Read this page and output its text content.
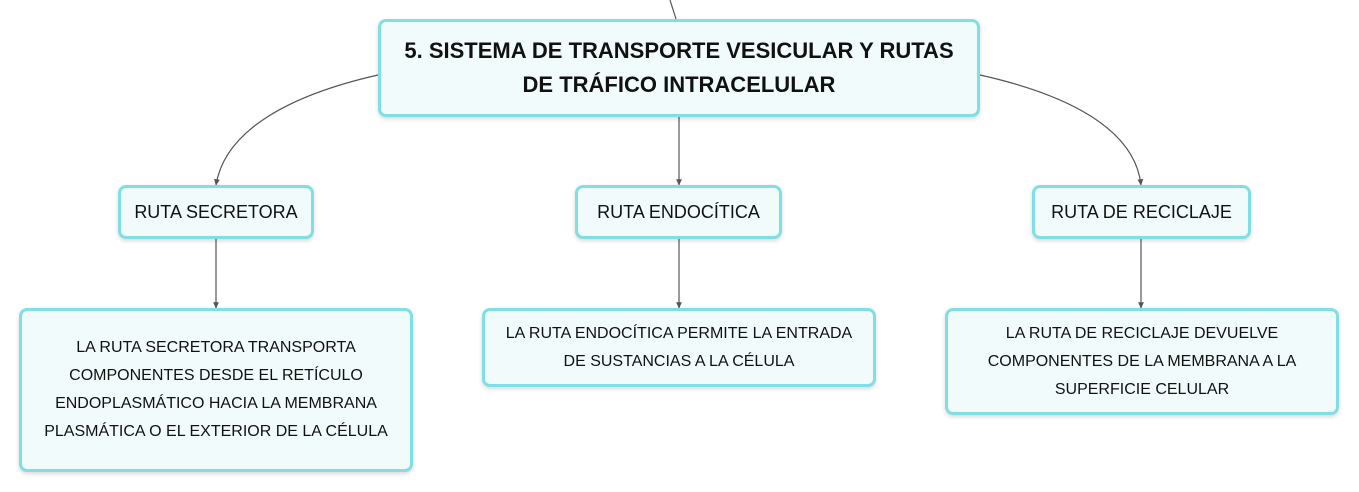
5. SISTEMA DE TRANSPORTE VESICULAR Y RUTAS
DE TRÁFICO INTRACELULAR
RUTA SECRETORA	RUTA ENDOCÍTICA	RUTA DE RECICLAJE
LA RUTA SECRETORA TRANSPORTA
COMPONENTES DESDE EL RETÍCULO
ENDOPLASMÁTICO HACIA LA MEMBRANA
PLASMÁTICA O EL EXTERIOR DE LA CÉLULA
LA RUTA ENDOCÍTICA PERMITE LA ENTRADA
DE SUSTANCIAS A LA CÉLULA
LA RUTA DE RECICLAJE DEVUELVE
COMPONENTES DE LA MEMBRANA A LA
SUPERFICIE CELULAR
